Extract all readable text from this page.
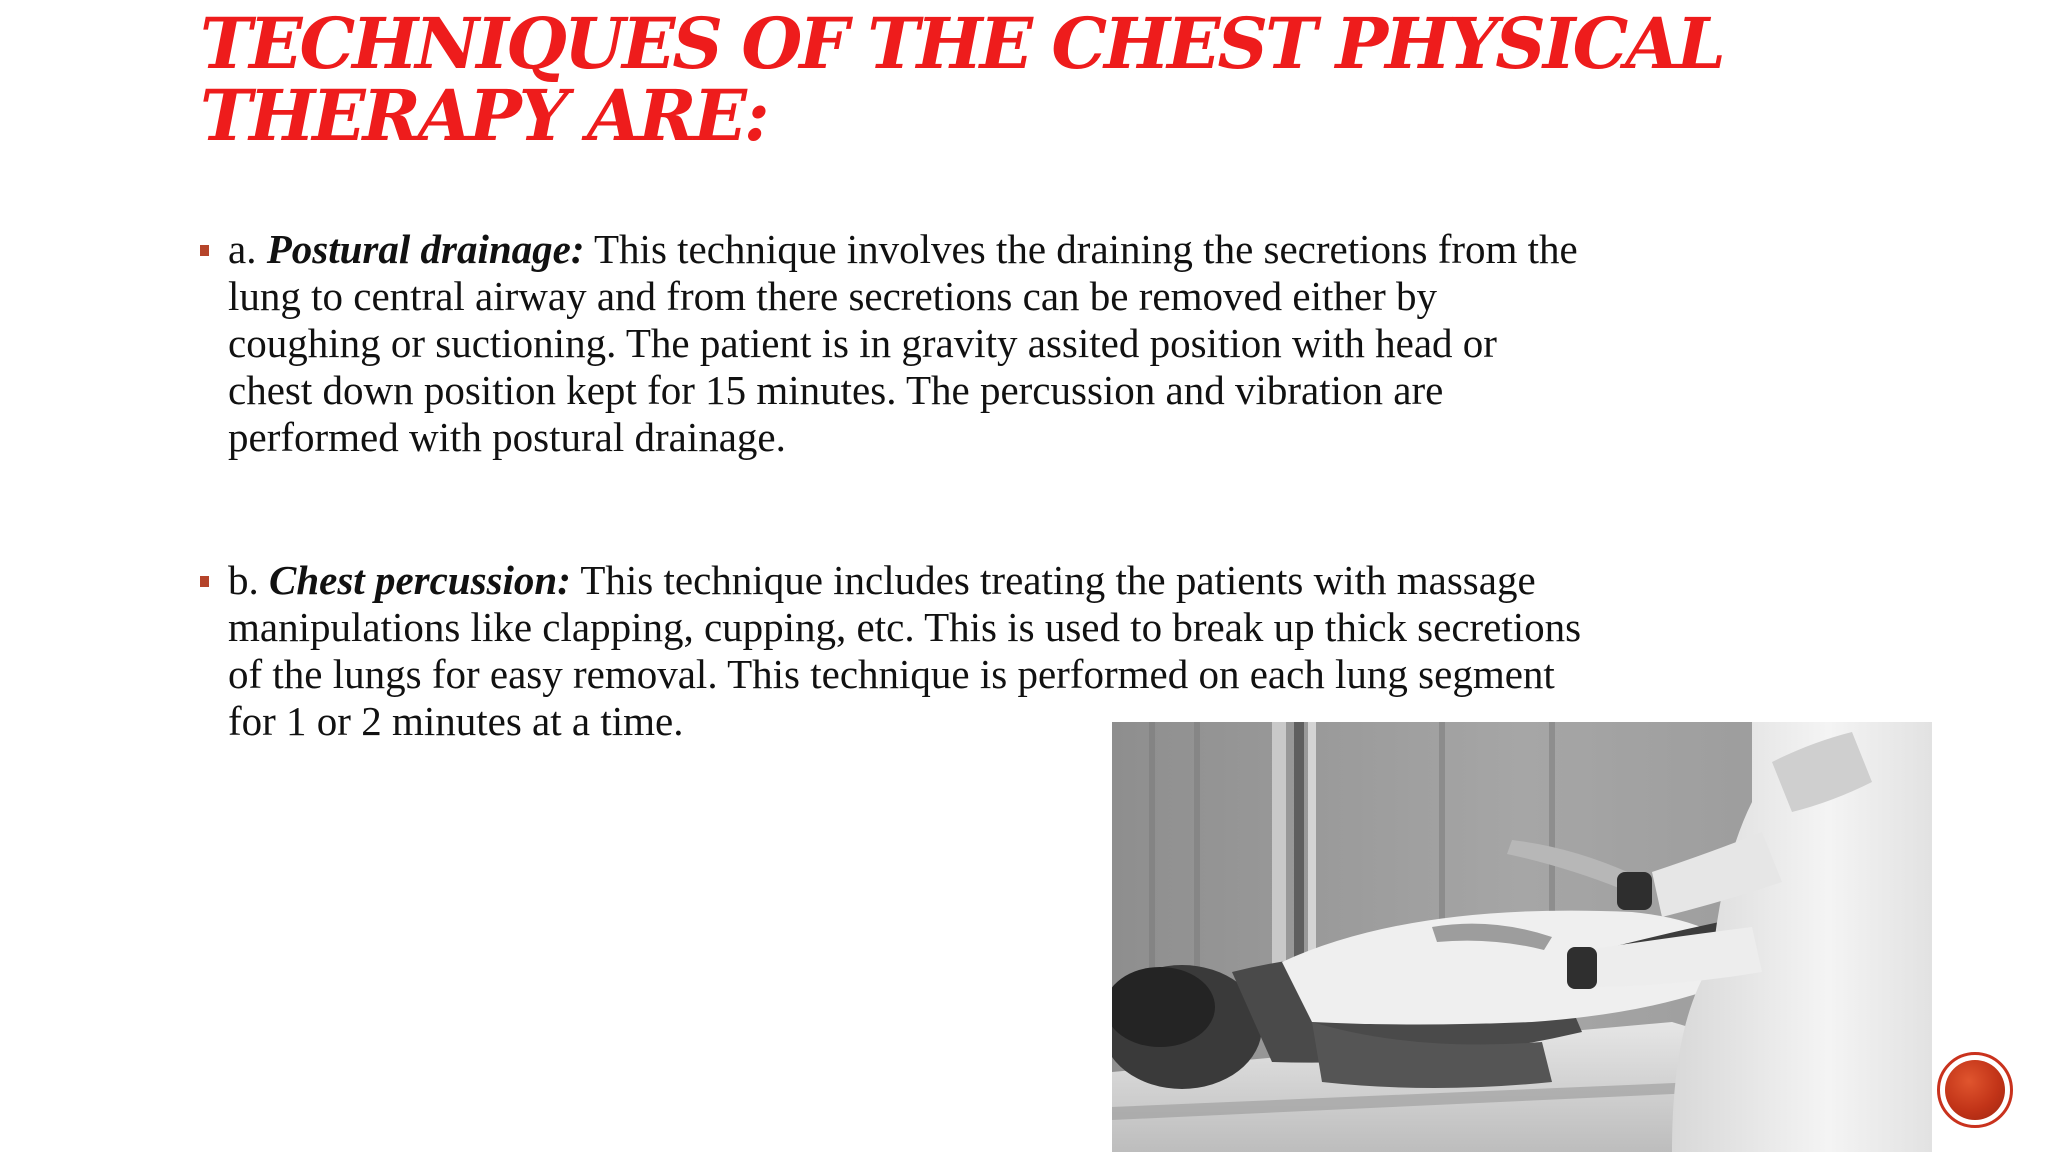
TECHNIQUES OF THE CHEST PHYSICAL
THERAPY ARE:
a. Postural drainage: This technique involves the draining the secretions from the
lung to central airway and from there secretions can be removed either by
coughing or suctioning. The patient is in gravity assited position with head or
chest down position kept for 15 minutes. The percussion and vibration are
performed with postural drainage.
b. Chest percussion: This technique includes treating the patients with massage
manipulations like clapping, cupping, etc. This is used to break up thick secretions
of the lungs for easy removal. This technique is performed on each lung segment
for 1 or 2 minutes at a time.
